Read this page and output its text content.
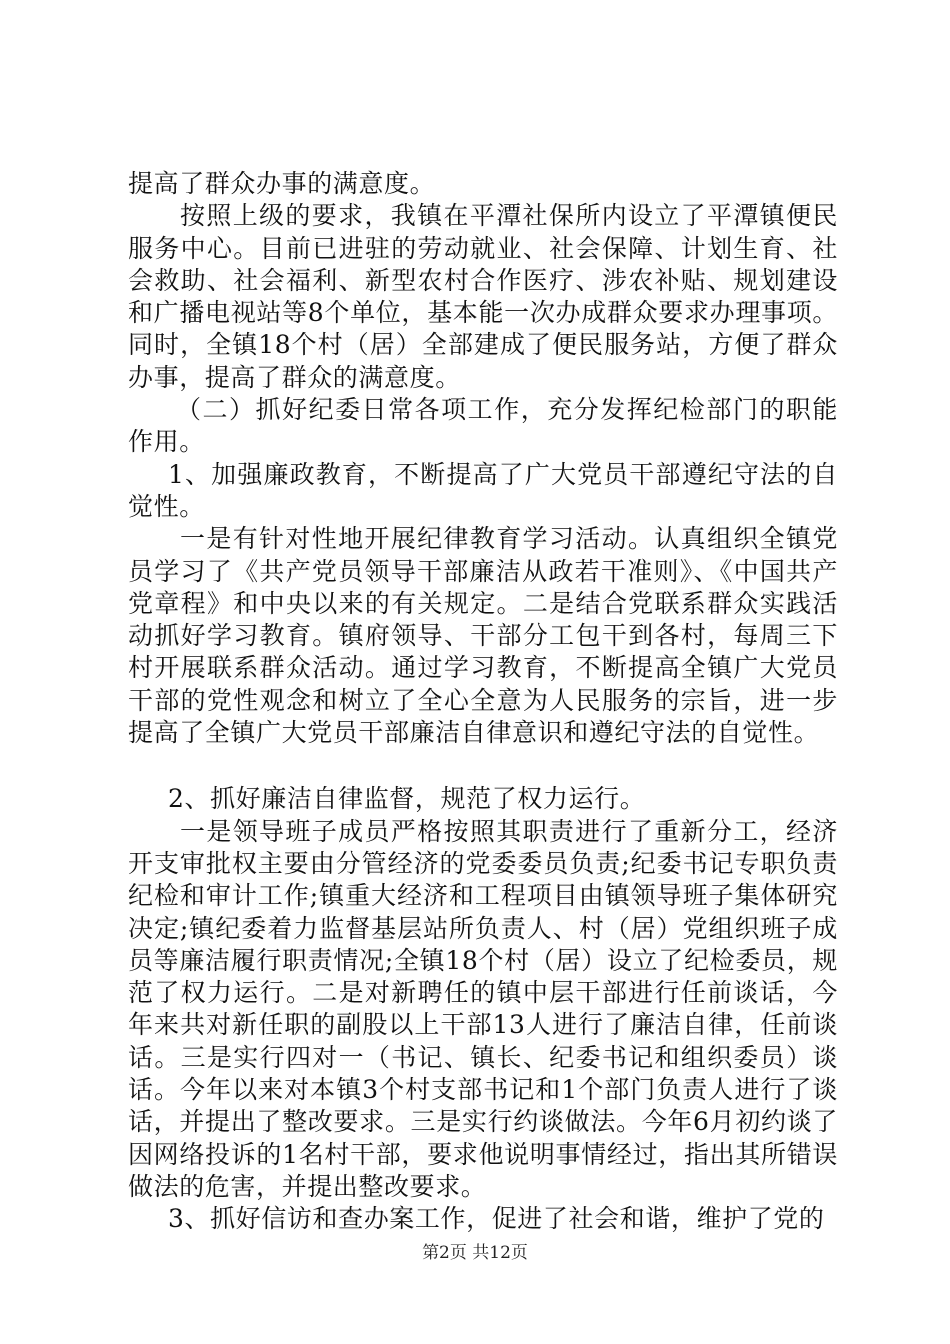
提高了群众办事的满意度。

按照上级的要求，我镇在平潭社保所内设立了平潭镇便民服务中心。目前已进驻的劳动就业、社会保障、计划生育、社会救助、社会福利、新型农村合作医疗、涉农补贴、规划建设和广播电视站等8个单位，基本能一次办成群众要求办理事项。同时，全镇18个村（居）全部建成了便民服务站，方便了群众办事，提高了群众的满意度。

（二）抓好纪委日常各项工作，充分发挥纪检部门的职能作用。

1、加强廉政教育，不断提高了广大党员干部遵纪守法的自觉性。

一是有针对性地开展纪律教育学习活动。认真组织全镇党员学习了《共产党员领导干部廉洁从政若干准则》、《中国共产党章程》和中央以来的有关规定。二是结合党联系群众实践活动抓好学习教育。镇府领导、干部分工包干到各村，每周三下村开展联系群众活动。通过学习教育，不断提高全镇广大党员干部的党性观念和树立了全心全意为人民服务的宗旨，进一步提高了全镇广大党员干部廉洁自律意识和遵纪守法的自觉性。

2、抓好廉洁自律监督，规范了权力运行。

一是领导班子成员严格按照其职责进行了重新分工，经济开支审批权主要由分管经济的党委委员负责;纪委书记专职负责纪检和审计工作;镇重大经济和工程项目由镇领导班子集体研究决定;镇纪委着力监督基层站所负责人、村（居）党组织班子成员等廉洁履行职责情况;全镇18个村（居）设立了纪检委员，规范了权力运行。二是对新聘任的镇中层干部进行任前谈话，今年来共对新任职的副股以上干部13人进行了廉洁自律，任前谈话。三是实行四对一（书记、镇长、纪委书记和组织委员）谈话。今年以来对本镇3个村支部书记和1个部门负责人进行了谈话，并提出了整改要求。三是实行约谈做法。今年6月初约谈了因网络投诉的1名村干部，要求他说明事情经过，指出其所错误做法的危害，并提出整改要求。

3、抓好信访和查办案工作，促进了社会和谐，维护了党的

第2页 共12页
